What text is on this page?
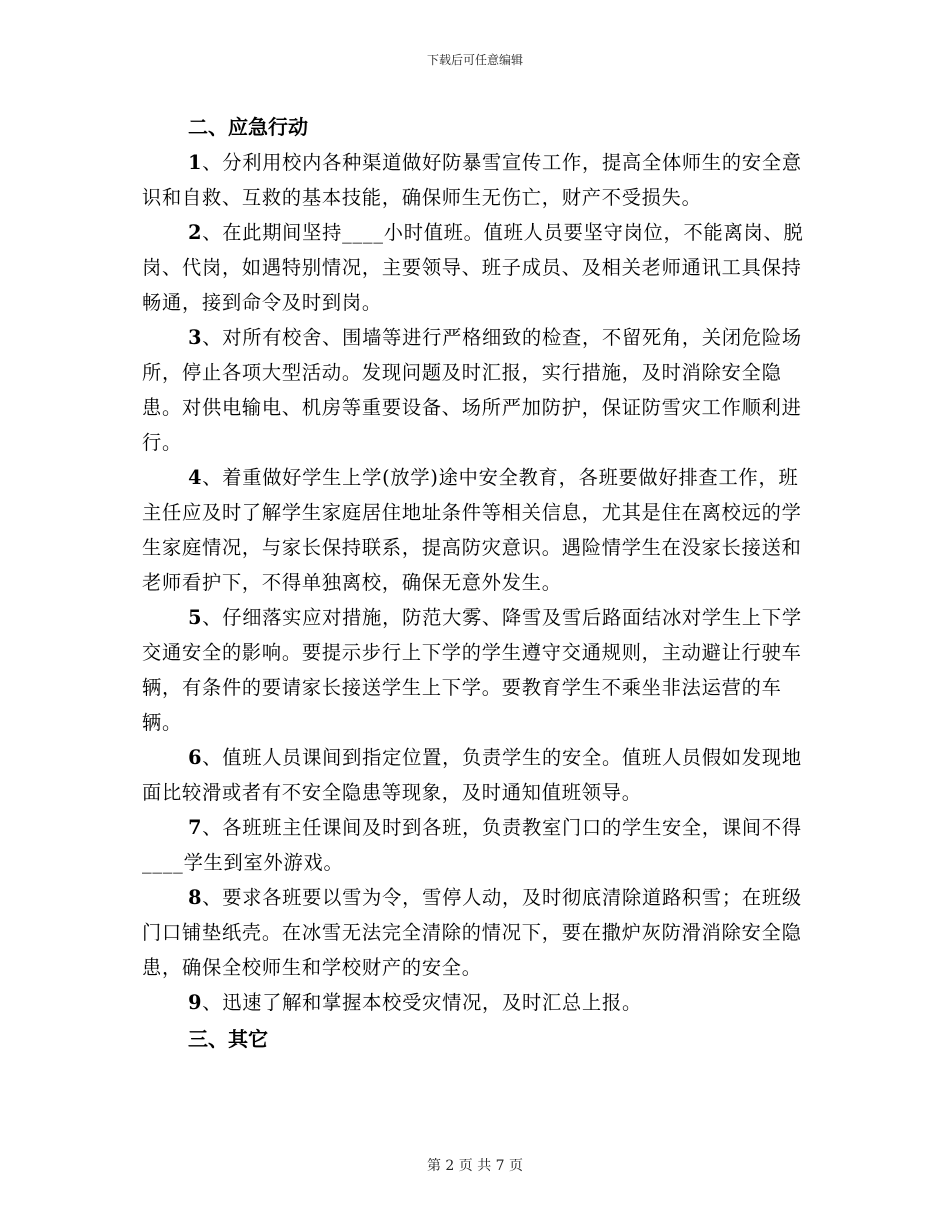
下载后可任意编辑

二、应急行动

1、分利用校内各种渠道做好防暴雪宣传工作，提高全体师生的安全意识和自救、互救的基本技能，确保师生无伤亡，财产不受损失。

2、在此期间坚持____小时值班。值班人员要坚守岗位，不能离岗、脱岗、代岗，如遇特别情况，主要领导、班子成员、及相关老师通讯工具保持畅通，接到命令及时到岗。

3、对所有校舍、围墙等进行严格细致的检查，不留死角，关闭危险场所，停止各项大型活动。发现问题及时汇报，实行措施，及时消除安全隐患。对供电输电、机房等重要设备、场所严加防护，保证防雪灾工作顺利进行。

4、着重做好学生上学(放学)途中安全教育，各班要做好排查工作，班主任应及时了解学生家庭居住地址条件等相关信息，尤其是住在离校远的学生家庭情况，与家长保持联系，提高防灾意识。遇险情学生在没家长接送和老师看护下，不得单独离校，确保无意外发生。

5、仔细落实应对措施，防范大雾、降雪及雪后路面结冰对学生上下学交通安全的影响。要提示步行上下学的学生遵守交通规则，主动避让行驶车辆，有条件的要请家长接送学生上下学。要教育学生不乘坐非法运营的车辆。

6、值班人员课间到指定位置，负责学生的安全。值班人员假如发现地面比较滑或者有不安全隐患等现象，及时通知值班领导。

7、各班班主任课间及时到各班，负责教室门口的学生安全，课间不得____学生到室外游戏。

8、要求各班要以雪为令，雪停人动，及时彻底清除道路积雪；在班级门口铺垫纸壳。在冰雪无法完全清除的情况下，要在撒炉灰防滑消除安全隐患，确保全校师生和学校财产的安全。

9、迅速了解和掌握本校受灾情况，及时汇总上报。

三、其它

第 2 页 共 7 页
